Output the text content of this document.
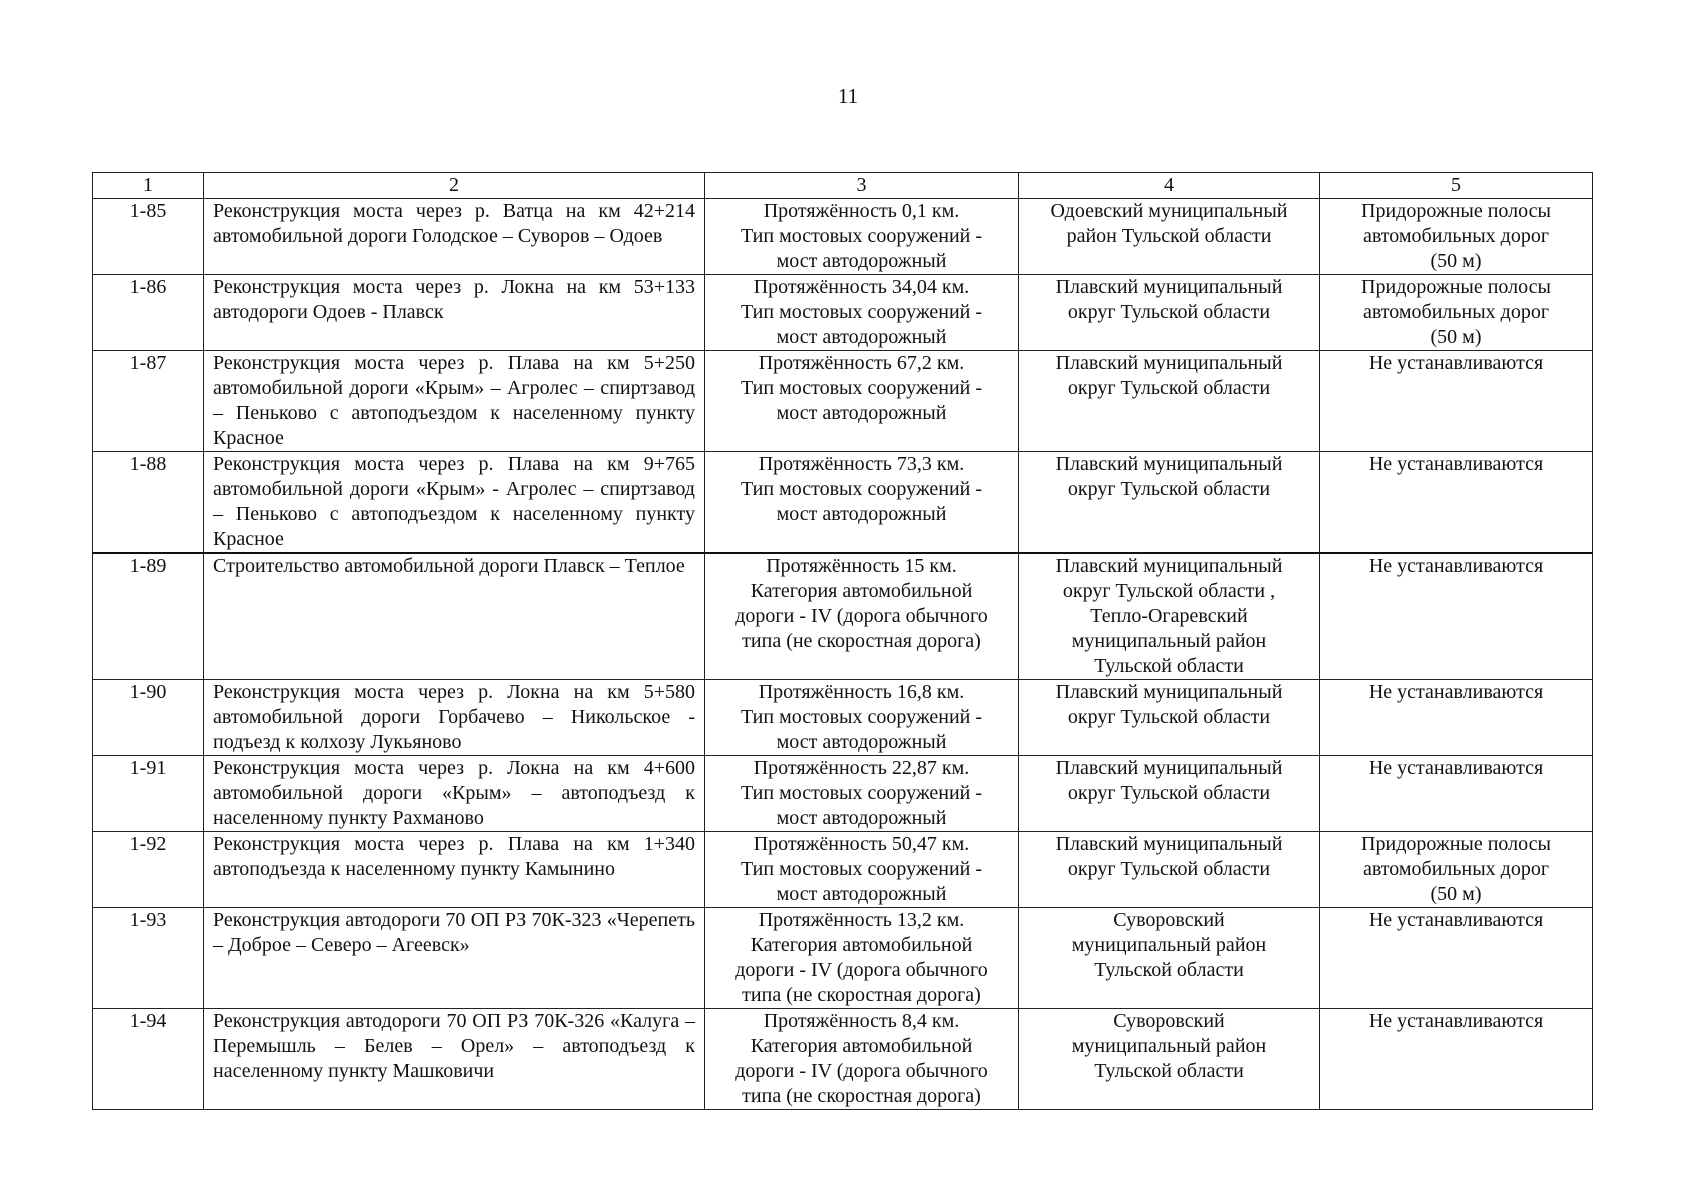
11
1	2	3	4	5
1-85	Реконструкция моста через р. Ватца на км 42+214 автомобильной дороги Голодское – Суворов – Одоев	Протяжённость 0,1 км.
Тип мостовых сооружений -
мост автодорожный	Одоевский муниципальный
район Тульской области	Придорожные полосы
автомобильных дорог
(50 м)

1-86	Реконструкция моста через р. Локна на км 53+133 автодороги Одоев - Плавск	Протяжённость 34,04 км.
Тип мостовых сооружений -
мост автодорожный	Плавский муниципальный
округ Тульской области	Придорожные полосы
автомобильных дорог
(50 м)

1-87	Реконструкция моста через р. Плава на км 5+250 автомобильной дороги «Крым» – Агролес – спиртзавод – Пеньково с автоподъездом к населенному пункту Красное	Протяжённость 67,2 км.
Тип мостовых сооружений -
мост автодорожный	Плавский муниципальный
округ Тульской области	Не устанавливаются

1-88	Реконструкция моста через р. Плава на км 9+765 автомобильной дороги «Крым» - Агролес – спиртзавод – Пеньково с автоподъездом к населенному пункту Красное	Протяжённость 73,3 км.
Тип мостовых сооружений -
мост автодорожный	Плавский муниципальный
округ Тульской области	Не устанавливаются

1-89	Строительство автомобильной дороги Плавск – Теплое	Протяжённость 15 км.
Категория автомобильной
дороги - IV (дорога обычного
типа (не скоростная дорога)	Плавский муниципальный
округ Тульской области ,
Тепло-Огаревский
муниципальный район
Тульской области	Не устанавливаются

1-90	Реконструкция моста через р. Локна на км 5+580 автомобильной дороги Горбачево – Никольское - подъезд к колхозу Лукьяново	Протяжённость 16,8 км.
Тип мостовых сооружений -
мост автодорожный	Плавский муниципальный
округ Тульской области	Не устанавливаются

1-91	Реконструкция моста через р. Локна на км 4+600 автомобильной дороги «Крым» – автоподъезд к населенному пункту Рахманово	Протяжённость 22,87 км.
Тип мостовых сооружений -
мост автодорожный	Плавский муниципальный
округ Тульской области	Не устанавливаются

1-92	Реконструкция моста через р. Плава на км 1+340 автоподъезда к населенному пункту Камынино	Протяжённость 50,47 км.
Тип мостовых сооружений -
мост автодорожный	Плавский муниципальный
округ Тульской области	Придорожные полосы
автомобильных дорог
(50 м)

1-93	Реконструкция автодороги 70 ОП РЗ 70К-323 «Черепеть – Доброе – Северо – Агеевск»	Протяжённость 13,2 км.
Категория автомобильной
дороги - IV (дорога обычного
типа (не скоростная дорога)	Суворовский
муниципальный район
Тульской области	Не устанавливаются

1-94	Реконструкция автодороги 70 ОП РЗ 70К-326 «Калуга – Перемышль – Белев – Орел» – автоподъезд к населенному пункту Машковичи	Протяжённость 8,4 км.
Категория автомобильной
дороги - IV (дорога обычного
типа (не скоростная дорога)	Суворовский
муниципальный район
Тульской области	Не устанавливаются
